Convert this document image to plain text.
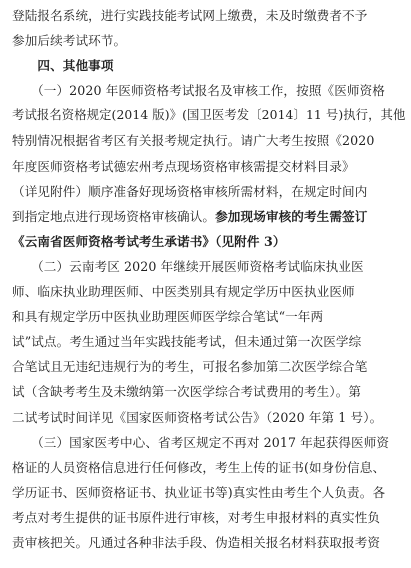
登陆报名系统，进行实践技能考试网上缴费，未及时缴费者不予
参加后续考试环节。
　　四、其他事项
　　（一）2020 年医师资格考试报名及审核工作，按照《医师资格
考试报名资格规定(2014 版)》(国卫医考发〔2014〕11 号)执行，其他
特别情况根据省考区有关报考规定执行。请广大考生按照《2020
年度医师资格考试德宏州考点现场资格审核需提交材料目录》
（详见附件）顺序准备好现场资格审核所需材料，在规定时间内
到指定地点进行现场资格审核确认。参加现场审核的考生需签订
《云南省医师资格考试考生承诺书》（见附件 3）
　　（二）云南考区 2020 年继续开展医师资格考试临床执业医
师、临床执业助理医师、中医类别具有规定学历中医执业医师
和具有规定学历中医执业助理医师医学综合笔试“一年两
试”试点。考生通过当年实践技能考试，但未通过第一次医学综
合笔试且无违纪违规行为的考生，可报名参加第二次医学综合笔
试（含缺考考生及未缴纳第一次医学综合考试费用的考生）。第
二试考试时间详见《国家医师资格考试公告》（2020 年第 1 号）。
　　（三）国家医考中心、省考区规定不再对 2017 年起获得医师资
格证的人员资格信息进行任何修改，考生上传的证书(如身份信息、
学历证书、医师资格证书、执业证书等)真实性由考生个人负责。各
考点对考生提供的证书原件进行审核，对考生申报材料的真实性负
责审核把关。凡通过各种非法手段、伪造相关报名材料获取报考资
